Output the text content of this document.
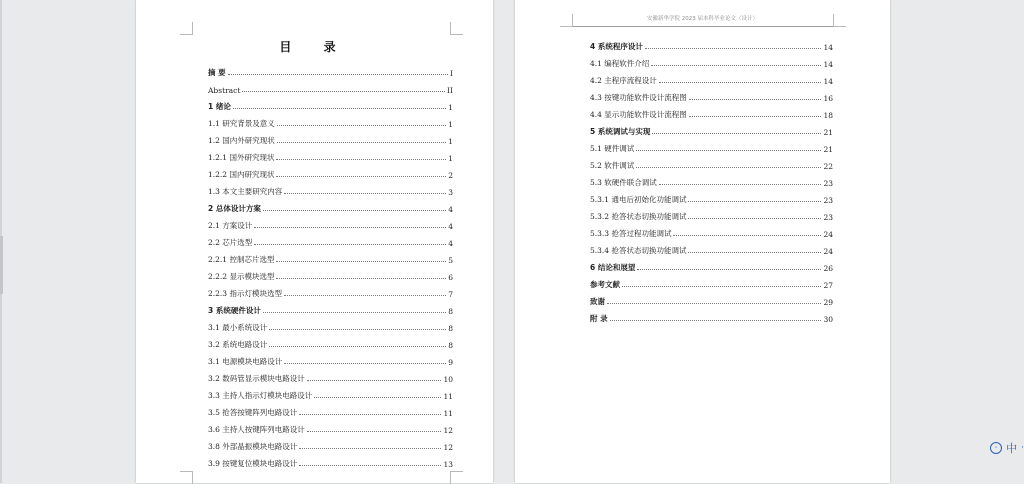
目 录
摘 要	I
Abstract	II
1 绪论	1
1.1 研究背景及意义	1
1.2 国内外研究现状	1
1.2.1 国外研究现状	1
1.2.2 国内研究现状	2
1.3 本文主要研究内容	3
2 总体设计方案	4
2.1 方案设计	4
2.2 芯片选型	4
2.2.1 控制芯片选型	5
2.2.2 显示模块选型	6
2.2.3 指示灯模块选型	7
3 系统硬件设计	8
3.1 最小系统设计	8
3.2 系统电路设计	8
3.1 电源模块电路设计	9
3.2 数码管显示模块电路设计	10
3.3 主持人指示灯模块电路设计	11
3.5 抢答按键阵列电路设计	11
3.6 主持人按键阵列电路设计	12
3.8 外部晶振模块电路设计	12
3.9 按键复位模块电路设计	13
安徽新华学院 2023 届本科毕业论文（设计）
4 系统程序设计	14
4.1 编程软件介绍	14
4.2 主程序流程设计	14
4.3 按键功能软件设计流程图	16
4.4 显示功能软件设计流程图	18
5 系统调试与实现	21
5.1 硬件调试	21
5.2 软件调试	22
5.3 软硬件联合调试	23
5.3.1 通电后初始化功能调试	23
5.3.2 抢答状态切换功能调试	23
5.3.3 抢答过程功能调试	24
5.3.4 抢答状态切换功能调试	24
6 结论和展望	26
参考文献	27
致谢	29
附 录	30
◦ 中 ·
